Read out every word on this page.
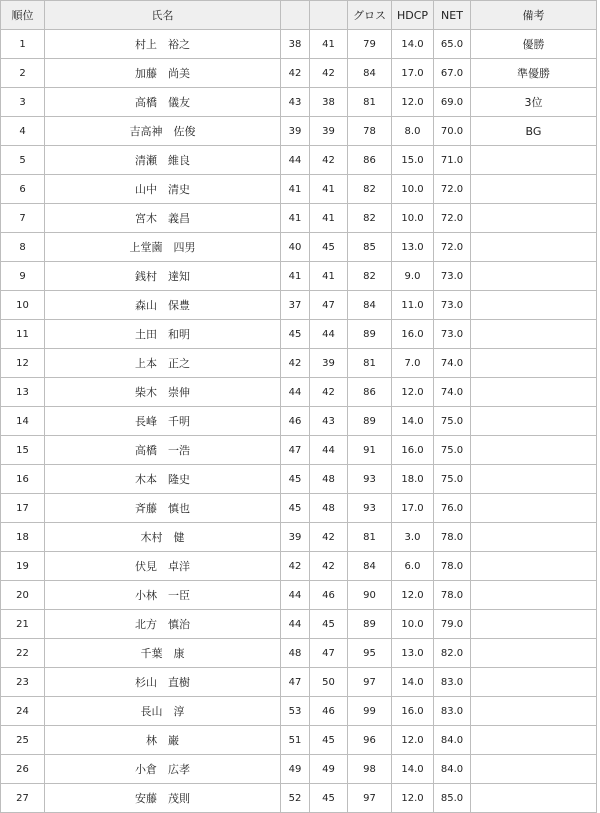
順位	氏名			グロス	HDCP	NET	備考
1	村上　裕之	38	41	79	14.0	65.0	優勝
2	加藤　尚美	42	42	84	17.0	67.0	準優勝
3	高橋　儀友	43	38	81	12.0	69.0	3位
4	吉高神　佐俊	39	39	78	8.0	70.0	BG
5	清瀬　維良	44	42	86	15.0	71.0	
6	山中　清史	41	41	82	10.0	72.0	
7	宮木　義昌	41	41	82	10.0	72.0	
8	上堂薗　四男	40	45	85	13.0	72.0	
9	銭村　達知	41	41	82	9.0	73.0	
10	森山　保豊	37	47	84	11.0	73.0	
11	土田　和明	45	44	89	16.0	73.0	
12	上本　正之	42	39	81	7.0	74.0	
13	柴木　崇伸	44	42	86	12.0	74.0	
14	長峰　千明	46	43	89	14.0	75.0	
15	高橋　一浩	47	44	91	16.0	75.0	
16	木本　隆史	45	48	93	18.0	75.0	
17	斉藤　慎也	45	48	93	17.0	76.0	
18	木村　健	39	42	81	3.0	78.0	
19	伏見　卓洋	42	42	84	6.0	78.0	
20	小林　一臣	44	46	90	12.0	78.0	
21	北方　慎治	44	45	89	10.0	79.0	
22	千葉　康	48	47	95	13.0	82.0	
23	杉山　直樹	47	50	97	14.0	83.0	
24	長山　淳	53	46	99	16.0	83.0	
25	林　巌	51	45	96	12.0	84.0	
26	小倉　広孝	49	49	98	14.0	84.0	
27	安藤　茂則	52	45	97	12.0	85.0	
